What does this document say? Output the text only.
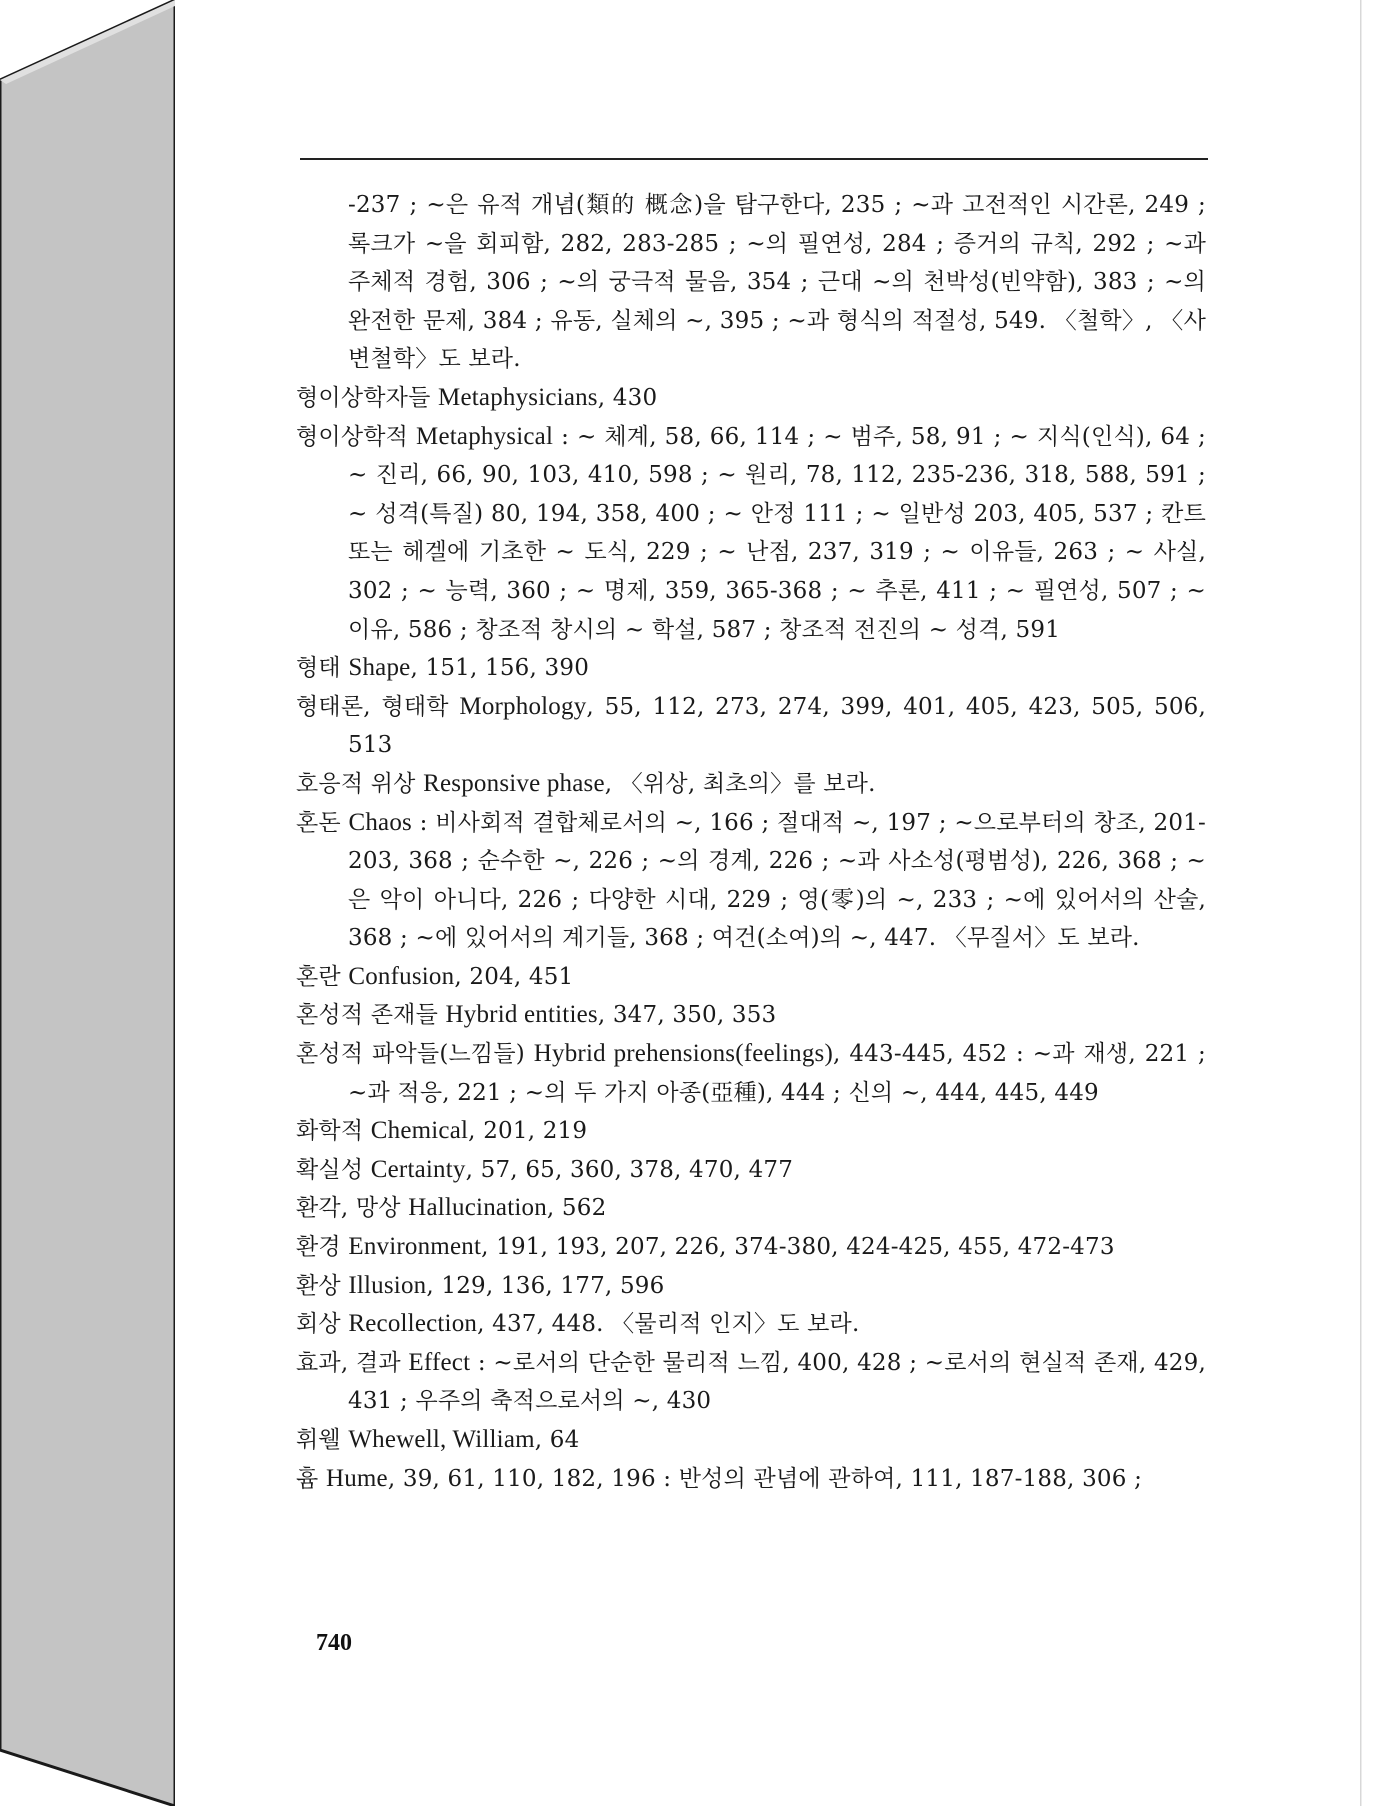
-237 ; ~은 유적 개념(類的 概念)을 탐구한다, 235 ; ~과 고전적인 시간론, 249 ; 록크가 ~을 회피함, 282, 283-285 ; ~의 필연성, 284 ; 증거의 규칙, 292 ; ~과 주체적 경험, 306 ; ~의 궁극적 물음, 354 ; 근대 ~의 천박성(빈약함), 383 ; ~의 완전한 문제, 384 ; 유동, 실체의 ~, 395 ; ~과 형식의 적절성, 549. 〈철학〉, 〈사변철학〉도 보라.

형이상학자들 Metaphysicians, 430

형이상학적 Metaphysical : ~ 체계, 58, 66, 114 ; ~ 범주, 58, 91 ; ~ 지식(인식), 64 ; ~ 진리, 66, 90, 103, 410, 598 ; ~ 원리, 78, 112, 235-236, 318, 588, 591 ; ~ 성격(특질) 80, 194, 358, 400 ; ~ 안정 111 ; ~ 일반성 203, 405, 537 ; 칸트 또는 헤겔에 기초한 ~ 도식, 229 ; ~ 난점, 237, 319 ; ~ 이유들, 263 ; ~ 사실, 302 ; ~ 능력, 360 ; ~ 명제, 359, 365-368 ; ~ 추론, 411 ; ~ 필연성, 507 ; ~ 이유, 586 ; 창조적 창시의 ~ 학설, 587 ; 창조적 전진의 ~ 성격, 591

형태 Shape, 151, 156, 390

형태론, 형태학 Morphology, 55, 112, 273, 274, 399, 401, 405, 423, 505, 506, 513

호응적 위상 Responsive phase, 〈위상, 최초의〉를 보라.

혼돈 Chaos : 비사회적 결합체로서의 ~, 166 ; 절대적 ~, 197 ; ~으로부터의 창조, 201-203, 368 ; 순수한 ~, 226 ; ~의 경계, 226 ; ~과 사소성(평범성), 226, 368 ; ~은 악이 아니다, 226 ; 다양한 시대, 229 ; 영(零)의 ~, 233 ; ~에 있어서의 산술, 368 ; ~에 있어서의 계기들, 368 ; 여건(소여)의 ~, 447. 〈무질서〉도 보라.

혼란 Confusion, 204, 451

혼성적 존재들 Hybrid entities, 347, 350, 353

혼성적 파악들(느낌들) Hybrid prehensions(feelings), 443-445, 452 : ~과 재생, 221 ; ~과 적응, 221 ; ~의 두 가지 아종(亞種), 444 ; 신의 ~, 444, 445, 449

화학적 Chemical, 201, 219

확실성 Certainty, 57, 65, 360, 378, 470, 477

환각, 망상 Hallucination, 562

환경 Environment, 191, 193, 207, 226, 374-380, 424-425, 455, 472-473

환상 Illusion, 129, 136, 177, 596

회상 Recollection, 437, 448. 〈물리적 인지〉도 보라.

효과, 결과 Effect : ~로서의 단순한 물리적 느낌, 400, 428 ; ~로서의 현실적 존재, 429, 431 ; 우주의 축적으로서의 ~, 430

휘웰 Whewell, William, 64

흄 Hume, 39, 61, 110, 182, 196 : 반성의 관념에 관하여, 111, 187-188, 306 ;

740
